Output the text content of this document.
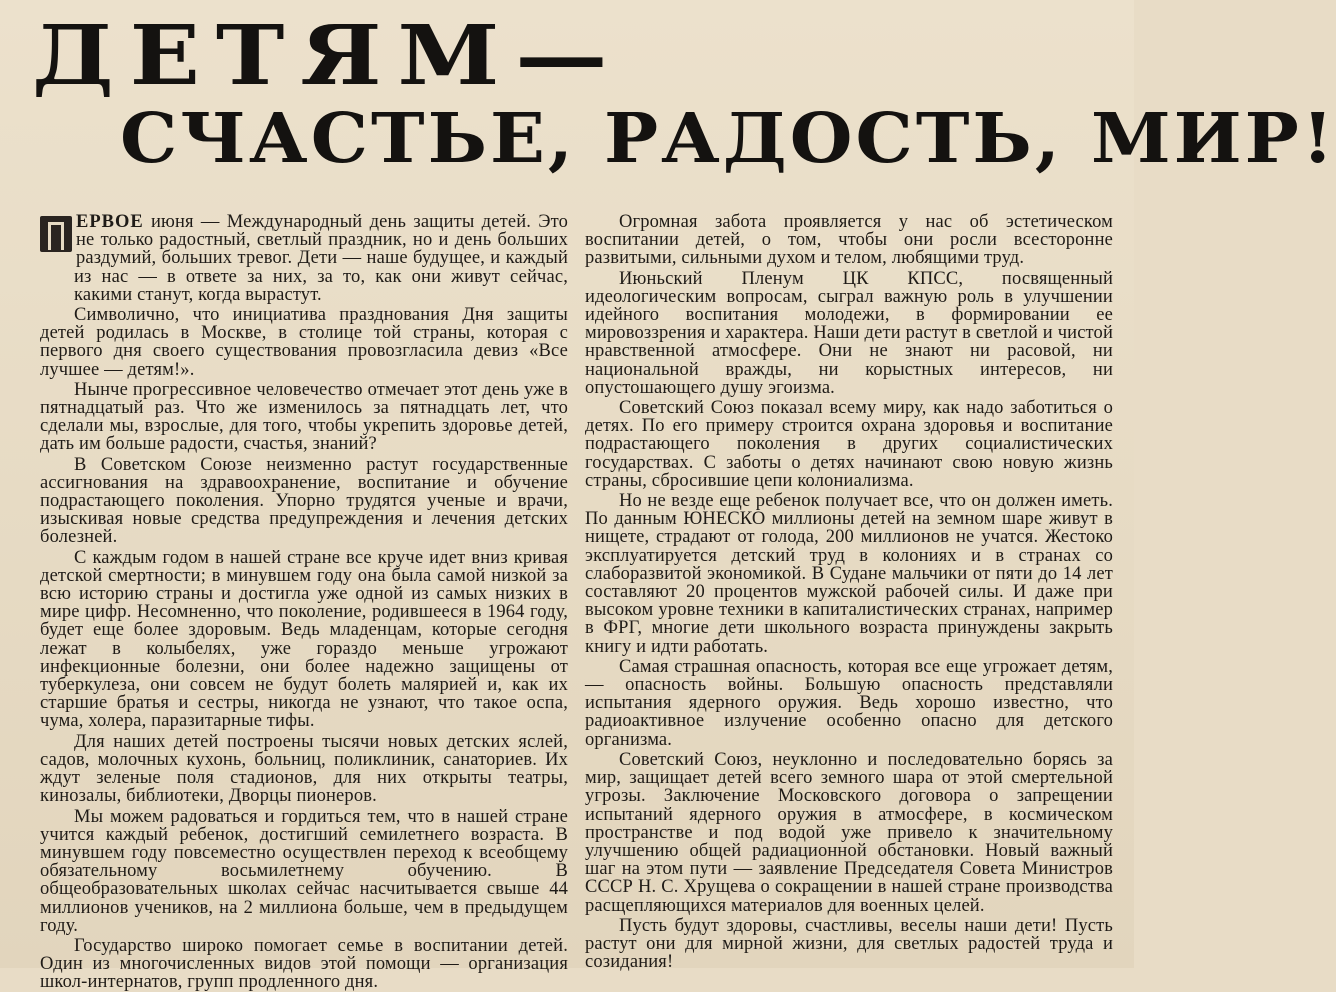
ДЕТЯМ—
СЧАСТЬЕ, РАДОСТЬ, МИР!

ЕРВОЕ июня — Международный день защиты детей. Это не только радостный, светлый праздник, но и день больших раздумий, больших тревог. Дети — наше будущее, и каждый из нас — в ответе за них, за то, как они живут сейчас, какими станут, когда вырастут.

Символично, что инициатива празднования Дня защиты детей родилась в Москве, в столице той страны, которая с первого дня своего существования провозгласила девиз «Все лучшее — детям!».

Нынче прогрессивное человечество отмечает этот день уже в пятнадцатый раз. Что же изменилось за пятнадцать лет, что сделали мы, взрослые, для того, чтобы укрепить здоровье детей, дать им больше радости, счастья, знаний?

В Советском Союзе неизменно растут государственные ассигнования на здравоохранение, воспитание и обучение подрастающего поколения. Упорно трудятся ученые и врачи, изыскивая новые средства предупреждения и лечения детских болезней.

С каждым годом в нашей стране все круче идет вниз кривая детской смертности; в минувшем году она была самой низкой за всю историю страны и достигла уже одной из самых низких в мире цифр. Несомненно, что поколение, родившееся в 1964 году, будет еще более здоровым. Ведь младенцам, которые сегодня лежат в колыбелях, уже гораздо меньше угрожают инфекционные болезни, они более надежно защищены от туберкулеза, они совсем не будут болеть малярией и, как их старшие братья и сестры, никогда не узнают, что такое оспа, чума, холера, паразитарные тифы.

Для наших детей построены тысячи новых детских яслей, садов, молочных кухонь, больниц, поликлиник, санаториев. Их ждут зеленые поля стадионов, для них открыты театры, кинозалы, библиотеки, Дворцы пионеров.

Мы можем радоваться и гордиться тем, что в нашей стране учится каждый ребенок, достигший семилетнего возраста. В минувшем году повсеместно осуществлен переход к всеобщему обязательному восьмилетнему обучению. В общеобразовательных школах сейчас насчитывается свыше 44 миллионов учеников, на 2 миллиона больше, чем в предыдущем году.

Государство широко помогает семье в воспитании детей. Один из многочисленных видов этой помощи — организация школ-интернатов, групп продленного дня.

Огромная забота проявляется у нас об эстетическом воспитании детей, о том, чтобы они росли всесторонне развитыми, сильными духом и телом, любящими труд.

Июньский Пленум ЦК КПСС, посвященный идеологическим вопросам, сыграл важную роль в улучшении идейного воспитания молодежи, в формировании ее мировоззрения и характера. Наши дети растут в светлой и чистой нравственной атмосфере. Они не знают ни расовой, ни национальной вражды, ни корыстных интересов, ни опустошающего душу эгоизма.

Советский Союз показал всему миру, как надо заботиться о детях. По его примеру строится охрана здоровья и воспитание подрастающего поколения в других социалистических государствах. С заботы о детях начинают свою новую жизнь страны, сбросившие цепи колониализма.

Но не везде еще ребенок получает все, что он должен иметь. По данным ЮНЕСКО миллионы детей на земном шаре живут в нищете, страдают от голода, 200 миллионов не учатся. Жестоко эксплуатируется детский труд в колониях и в странах со слаборазвитой экономикой. В Судане мальчики от пяти до 14 лет составляют 20 процентов мужской рабочей силы. И даже при высоком уровне техники в капиталистических странах, например в ФРГ, многие дети школьного возраста принуждены закрыть книгу и идти работать.

Самая страшная опасность, которая все еще угрожает детям,— опасность войны. Большую опасность представляли испытания ядерного оружия. Ведь хорошо известно, что радиоактивное излучение особенно опасно для детского организма.

Советский Союз, неуклонно и последовательно борясь за мир, защищает детей всего земного шара от этой смертельной угрозы. Заключение Московского договора о запрещении испытаний ядерного оружия в атмосфере, в космическом пространстве и под водой уже привело к значительному улучшению общей радиационной обстановки. Новый важный шаг на этом пути — заявление Председателя Совета Министров СССР Н. С. Хрущева о сокращении в нашей стране производства расщепляющихся материалов для военных целей.

Пусть будут здоровы, счастливы, веселы наши дети! Пусть растут они для мирной жизни, для светлых радостей труда и созидания!
